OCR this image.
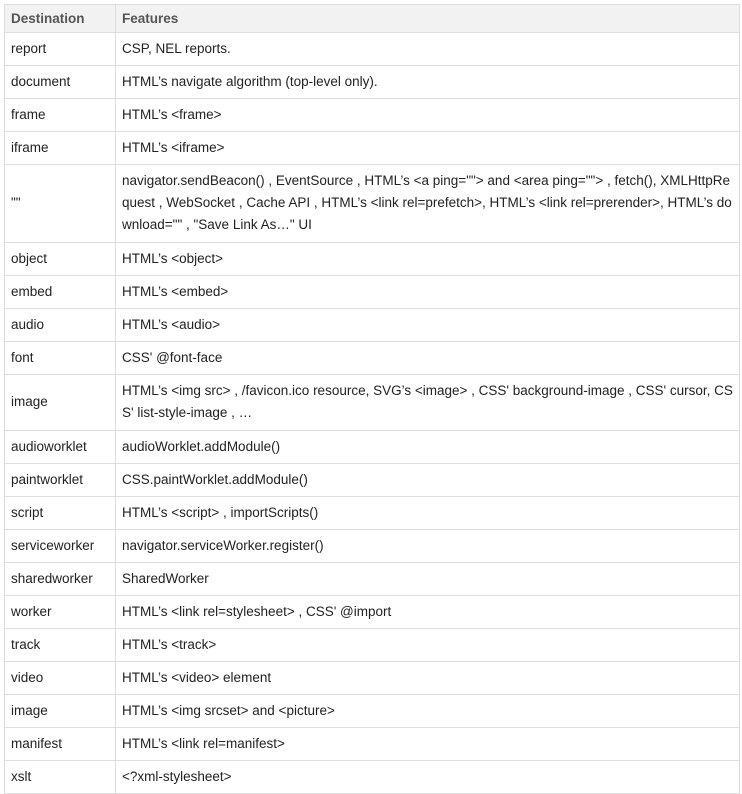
Destination	Features
report	CSP, NEL reports.
document	HTML’s navigate algorithm (top-level only).
frame	HTML’s <frame>
iframe	HTML’s <iframe>
""	navigator.sendBeacon() , EventSource , HTML’s <a ping=""> and <area ping=""> , fetch(), XMLHttpRequest , WebSocket , Cache API , HTML’s <link rel=prefetch>, HTML’s <link rel=prerender>, HTML’s download="" , "Save Link As…" UI
object	HTML’s <object>
embed	HTML’s <embed>
audio	HTML’s <audio>
font	CSS' @font-face
image	HTML’s <img src> , /favicon.ico resource, SVG’s <image> , CSS' background-image , CSS' cursor, CSS' list-style-image , …
audioworklet	audioWorklet.addModule()
paintworklet	CSS.paintWorklet.addModule()
script	HTML’s <script> , importScripts()
serviceworker	navigator.serviceWorker.register()
sharedworker	SharedWorker
worker	HTML’s <link rel=stylesheet> , CSS' @import
track	HTML’s <track>
video	HTML’s <video> element
image	HTML’s <img srcset> and <picture>
manifest	HTML’s <link rel=manifest>
xslt	<?xml-stylesheet>
